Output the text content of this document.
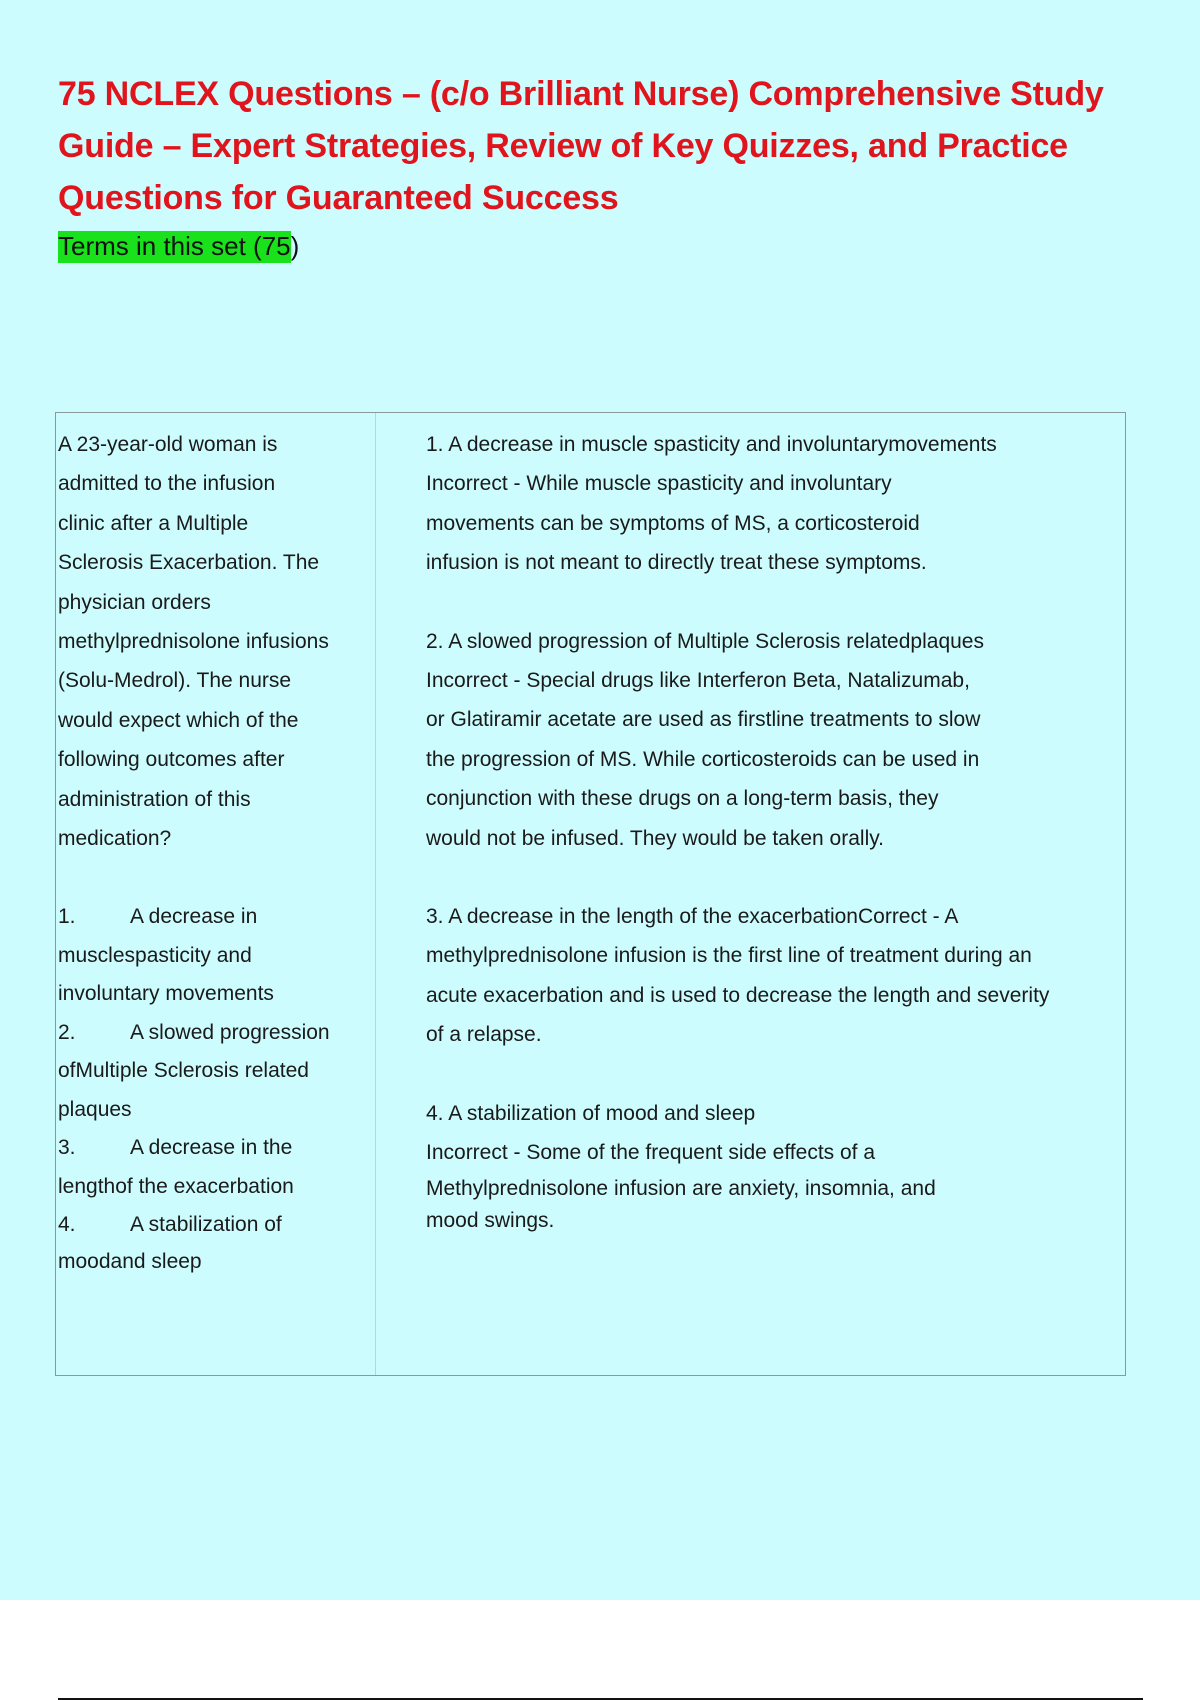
75 NCLEX Questions – (c/o Brilliant Nurse) Comprehensive Study Guide – Expert Strategies, Review of Key Quizzes, and Practice Questions for Guaranteed Success
Terms in this set (75)

A 23-year-old woman is

admitted to the infusion

clinic after a Multiple

Sclerosis Exacerbation. The

physician orders

methylprednisolone infusions

(Solu-Medrol). The nurse

would expect which of the

following outcomes after

administration of this

medication?

1.	A decrease in
musclespasticity and
involuntary movements
2.	A slowed progression
ofMultiple Sclerosis related
plaques
3.	A decrease in the
lengthof the exacerbation
4.	A stabilization of
moodand sleep

1. A decrease in muscle spasticity and involuntarymovements

Incorrect - While muscle spasticity and involuntary

movements can be symptoms of MS, a corticosteroid

infusion is not meant to directly treat these symptoms.

2. A slowed progression of Multiple Sclerosis relatedplaques

Incorrect - Special drugs like Interferon Beta, Natalizumab,

or Glatiramir acetate are used as firstline treatments to slow

the progression of MS. While corticosteroids can be used in

conjunction with these drugs on a long-term basis, they

would not be infused. They would be taken orally.

3. A decrease in the length of the exacerbationCorrect - A

methylprednisolone infusion is the first line of treatment during an

acute exacerbation and is used to decrease the length and severity

of a relapse.

4. A stabilization of mood and sleep

Incorrect - Some of the frequent side effects of a

Methylprednisolone infusion are anxiety, insomnia, and

mood swings.
